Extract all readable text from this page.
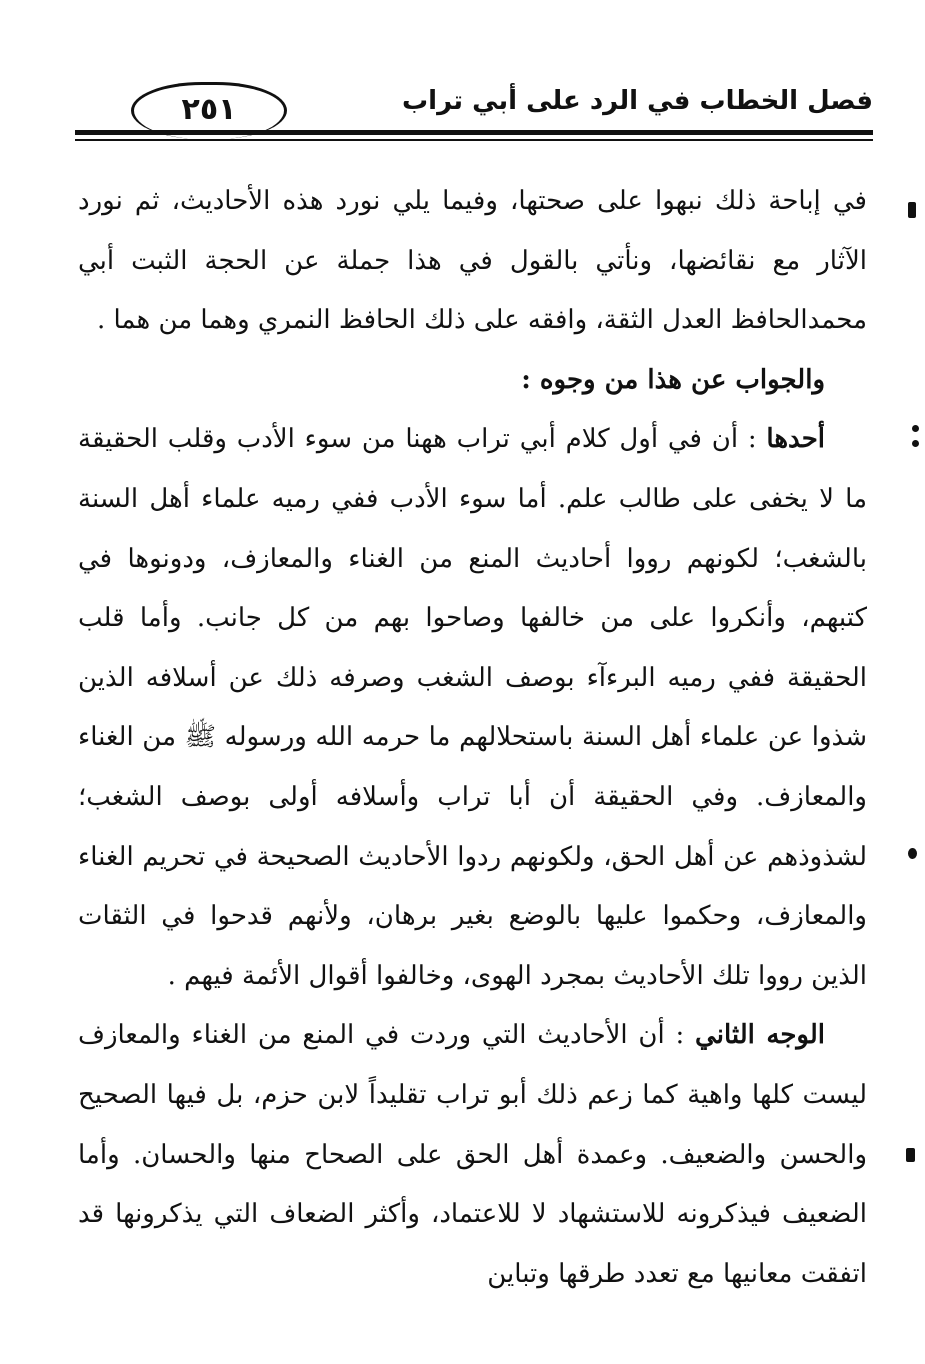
فصل الخطاب في الرد على أبي تراب
٢٥١

في إباحة ذلك نبهوا على صحتها، وفيما يلي نورد هذه الأحاديث، ثم نورد الآثار مع نقائضها، ونأتي بالقول في هذا جملة عن الحجة الثبت أبي محمدالحافظ العدل الثقة، وافقه على ذلك الحافظ النمري وهما من هما .

والجواب عن هذا من وجوه :

أحدها : أن في أول كلام أبي تراب ههنا من سوء الأدب وقلب الحقيقة ما لا يخفى على طالب علم. أما سوء الأدب ففي رميه علماء أهل السنة بالشغب؛ لكونهم رووا أحاديث المنع من الغناء والمعازف، ودونوها في كتبهم، وأنكروا على من خالفها وصاحوا بهم من كل جانب. وأما قلب الحقيقة ففي رميه البرءآء بوصف الشغب وصرفه ذلك عن أسلافه الذين شذوا عن علماء أهل السنة باستحلالهم ما حرمه الله ورسوله ﷺ من الغناء والمعازف. وفي الحقيقة أن أبا تراب وأسلافه أولى بوصف الشغب؛ لشذوذهم عن أهل الحق، ولكونهم ردوا الأحاديث الصحيحة في تحريم الغناء والمعازف، وحكموا عليها بالوضع بغير برهان، ولأنهم قدحوا في الثقات الذين رووا تلك الأحاديث بمجرد الهوى، وخالفوا أقوال الأئمة فيهم .

الوجه الثاني : أن الأحاديث التي وردت في المنع من الغناء والمعازف ليست كلها واهية كما زعم ذلك أبو تراب تقليداً لابن حزم، بل فيها الصحيح والحسن والضعيف. وعمدة أهل الحق على الصحاح منها والحسان. وأما الضعيف فيذكرونه للاستشهاد لا للاعتماد، وأكثر الضعاف التي يذكرونها قد اتفقت معانيها مع تعدد طرقها وتباين
